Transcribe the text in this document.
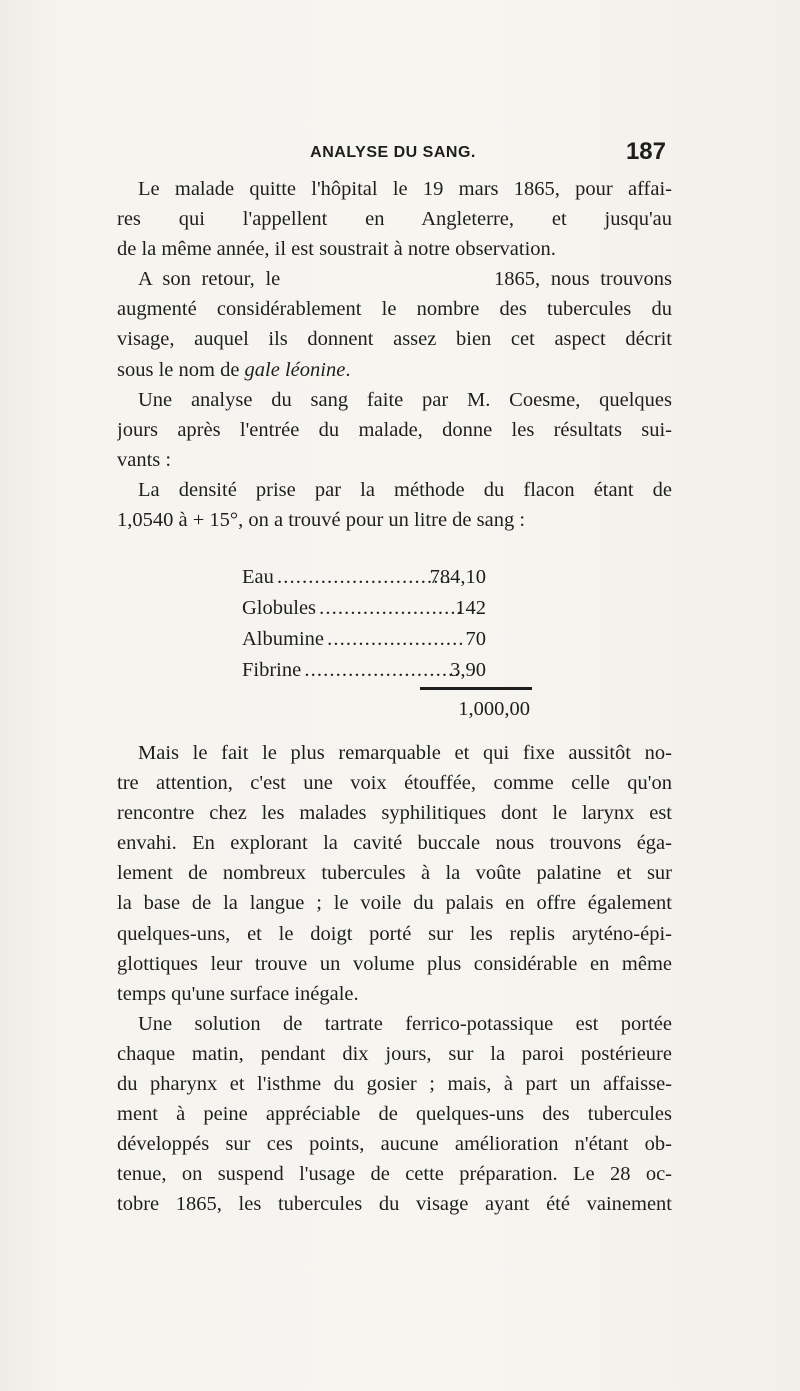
ANALYSE DU SANG.	187
Le malade quitte l'hôpital le 19 mars 1865, pour affai-
res qui l'appellent en Angleterre, et jusqu'au
de la même année, il est soustrait à notre observation.
A son retour, le                    1865, nous trouvons
augmenté considérablement le nombre des tubercules du
visage, auquel ils donnent assez bien cet aspect décrit
sous le nom de gale léonine.
Une analyse du sang faite par M. Coesme, quelques
jours après l'entrée du malade, donne les résultats sui-
vants :
La densité prise par la méthode du flacon étant de
1,0540 à + 15°, on a trouvé pour un litre de sang :
Eau . . .	784,10
Globules . . .	142
Albumine . . .	70
Fibrine . . .	3,90
1,000,00
Mais le fait le plus remarquable et qui fixe aussitôt no-
tre attention, c'est une voix étouffée, comme celle qu'on
rencontre chez les malades syphilitiques dont le larynx est
envahi. En explorant la cavité buccale nous trouvons éga-
lement de nombreux tubercules à la voûte palatine et sur
la base de la langue ; le voile du palais en offre également
quelques-uns, et le doigt porté sur les replis aryténo-épi-
glottiques leur trouve un volume plus considérable en même
temps qu'une surface inégale.
Une solution de tartrate ferrico-potassique est portée
chaque matin, pendant dix jours, sur la paroi postérieure
du pharynx et l'isthme du gosier ; mais, à part un affaisse-
ment à peine appréciable de quelques-uns des tubercules
développés sur ces points, aucune amélioration n'étant ob-
tenue, on suspend l'usage de cette préparation. Le 28 oc-
tobre 1865, les tubercules du visage ayant été vainement
